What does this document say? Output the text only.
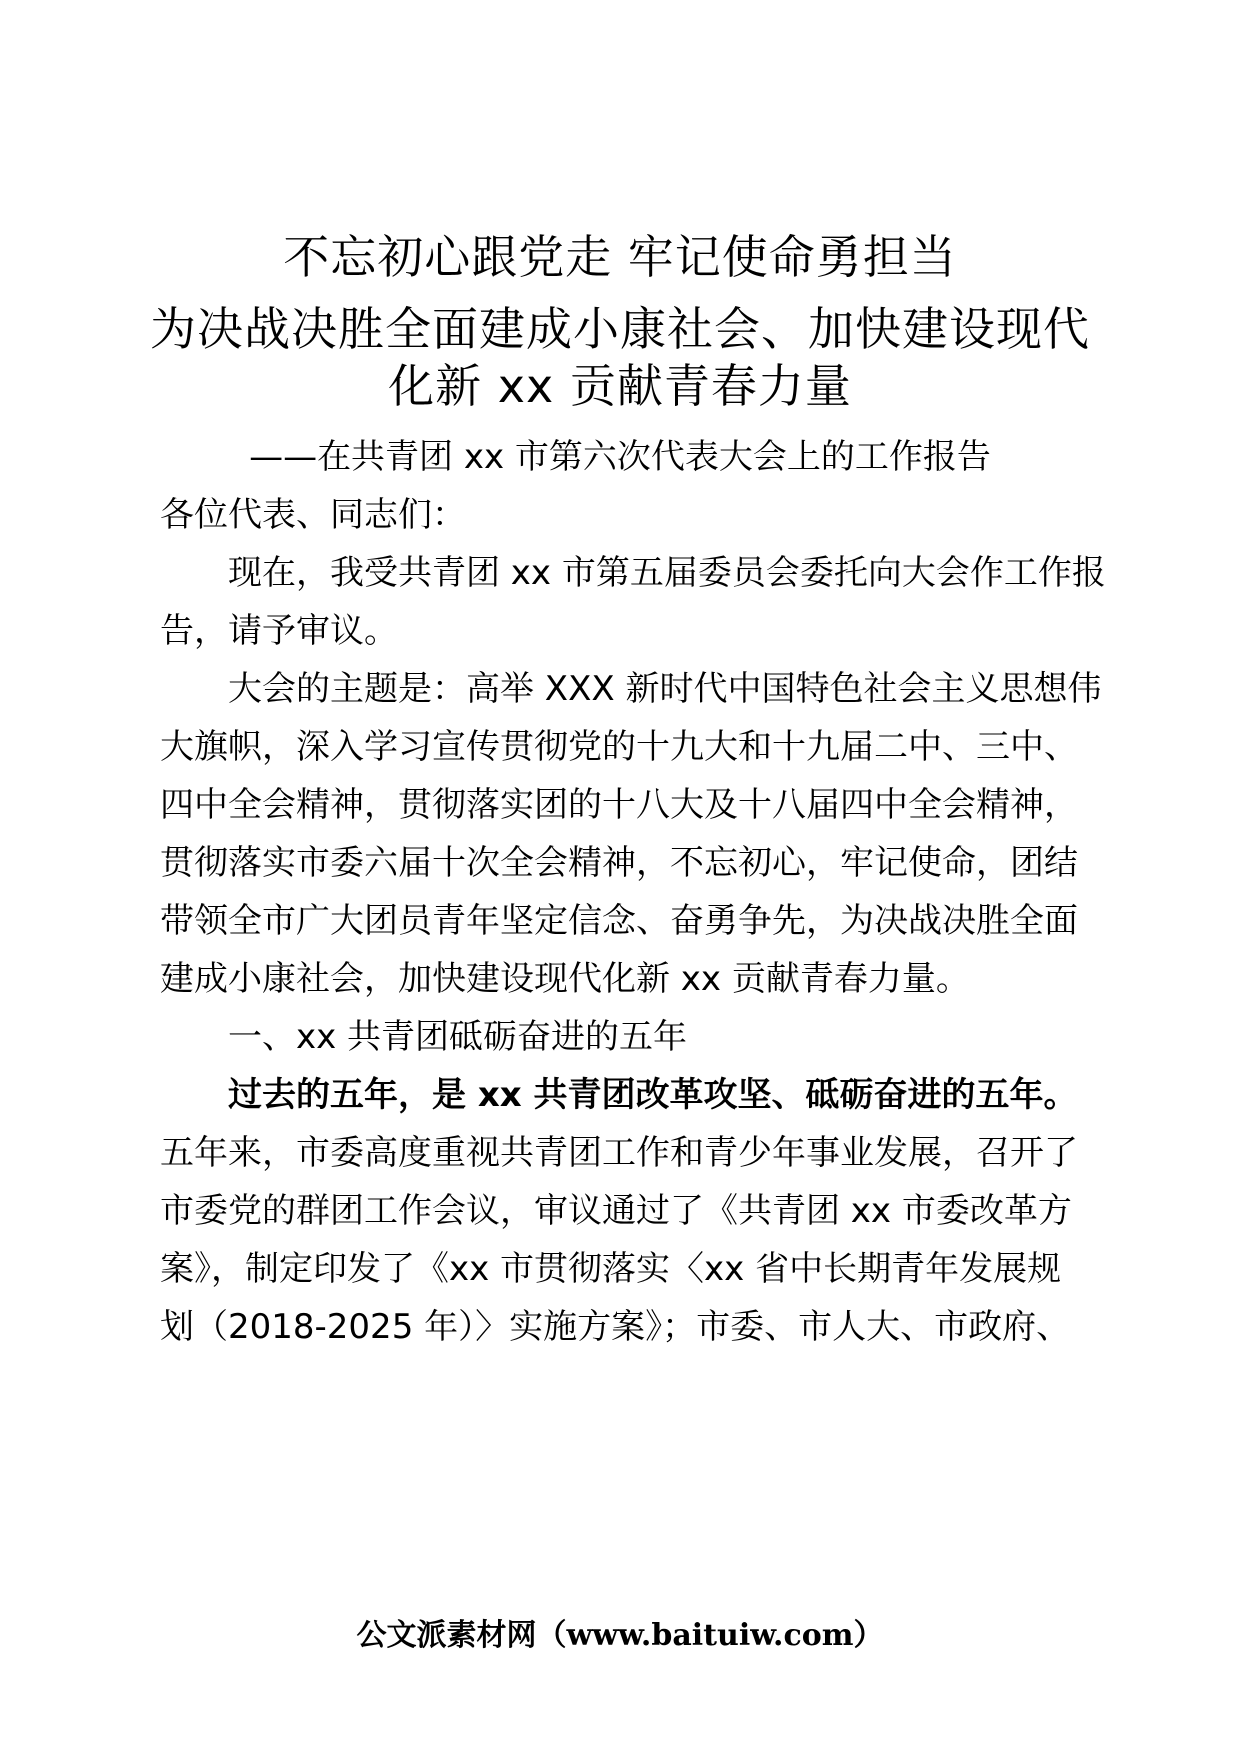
不忘初心跟党走 牢记使命勇担当
为决战决胜全面建成小康社会、加快建设现代
化新 xx 贡献青春力量
——在共青团 xx 市第六次代表大会上的工作报告
各位代表、同志们：
现在，我受共青团 xx 市第五届委员会委托向大会作工作报
告，请予审议。
大会的主题是：高举 XXX 新时代中国特色社会主义思想伟
大旗帜，深入学习宣传贯彻党的十九大和十九届二中、三中、
四中全会精神，贯彻落实团的十八大及十八届四中全会精神，
贯彻落实市委六届十次全会精神，不忘初心，牢记使命，团结
带领全市广大团员青年坚定信念、奋勇争先，为决战决胜全面
建成小康社会，加快建设现代化新 xx 贡献青春力量。
一、xx 共青团砥砺奋进的五年
过去的五年，是 xx 共青团改革攻坚、砥砺奋进的五年。
五年来，市委高度重视共青团工作和青少年事业发展，召开了
市委党的群团工作会议，审议通过了《共青团 xx 市委改革方
案》，制定印发了《xx 市贯彻落实〈xx 省中长期青年发展规
划（2018-2025 年）〉实施方案》；市委、市人大、市政府、
公文派素材网（www.baituiw.com）
